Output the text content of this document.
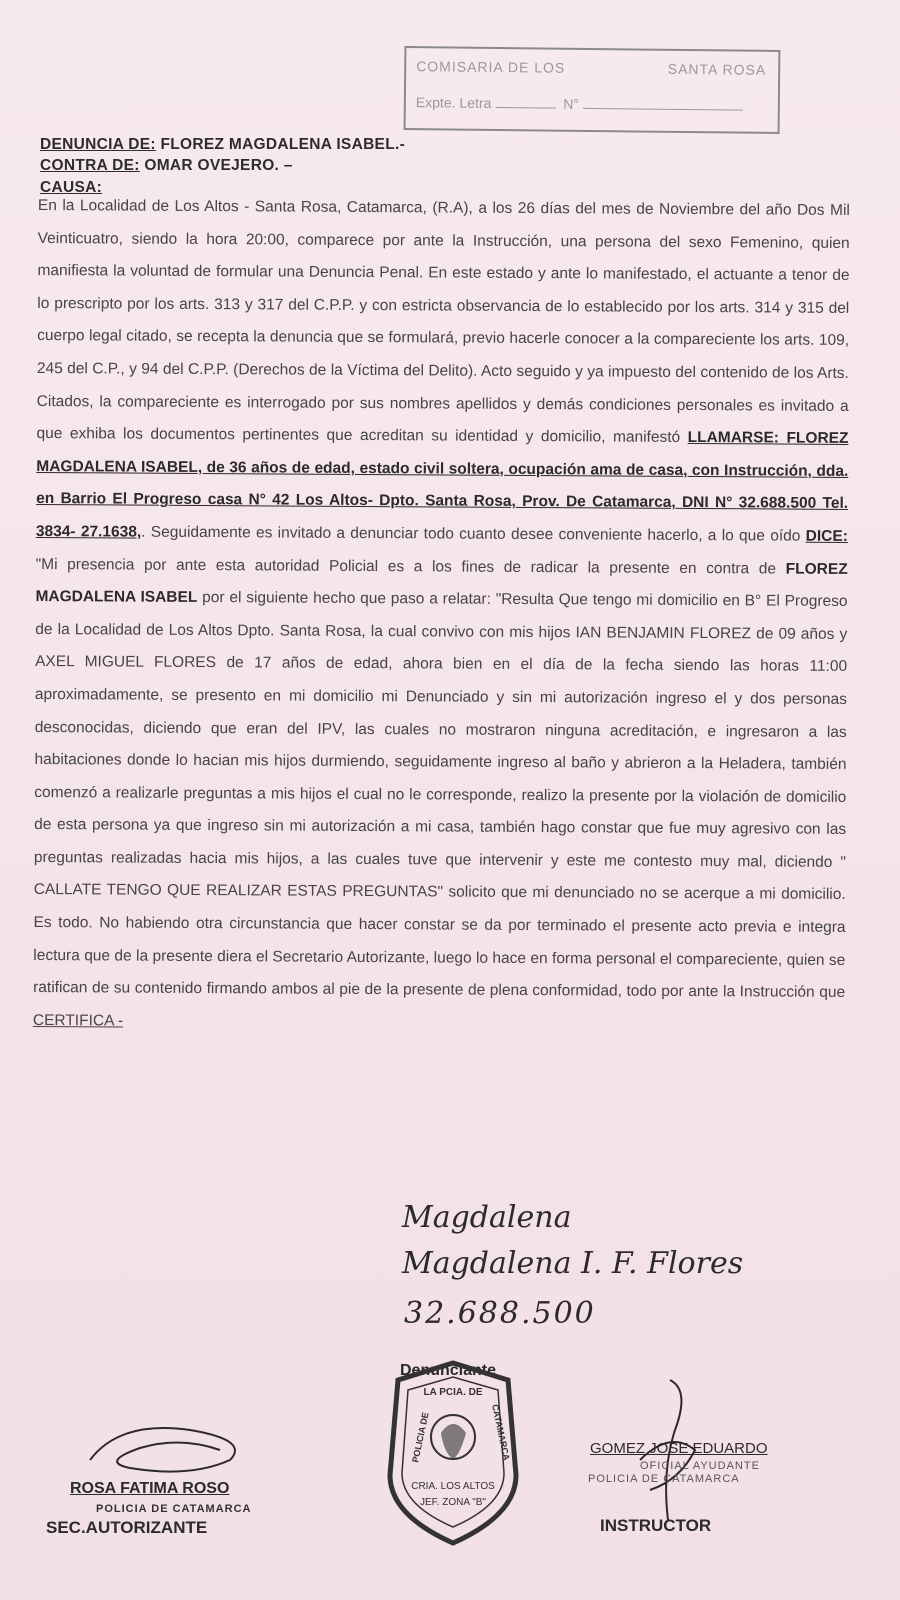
COMISARIA DE LOS	SANTA ROSA
Expte. Letra	N°
DENUNCIA DE: FLOREZ MAGDALENA ISABEL.-
CONTRA DE: OMAR OVEJERO. –
CAUSA:

En la Localidad de Los Altos - Santa Rosa, Catamarca, (R.A), a los 26 días del mes de Noviembre del año Dos Mil Veinticuatro, siendo la hora 20:00, comparece por ante la Instrucción, una persona del sexo Femenino, quien manifiesta la voluntad de formular una Denuncia Penal. En este estado y ante lo manifestado, el actuante a tenor de lo prescripto por los arts. 313 y 317 del C.P.P. y con estricta observancia de lo establecido por los arts. 314 y 315 del cuerpo legal citado, se recepta la denuncia que se formulará, previo hacerle conocer a la compareciente los arts. 109, 245 del C.P., y 94 del C.P.P. (Derechos de la Víctima del Delito). Acto seguido y ya impuesto del contenido de los Arts. Citados, la compareciente es interrogado por sus nombres apellidos y demás condiciones personales es invitado a que exhiba los documentos pertinentes que acreditan su identidad y domicilio, manifestó LLAMARSE: FLOREZ MAGDALENA ISABEL, de 36 años de edad, estado civil soltera, ocupación ama de casa, con Instrucción, dda. en Barrio El Progreso casa N° 42 Los Altos- Dpto. Santa Rosa, Prov. De Catamarca, DNI N° 32.688.500 Tel. 3834- 27.1638,. Seguidamente es invitado a denunciar todo cuanto desee conveniente hacerlo, a lo que oído DICE: "Mi presencia por ante esta autoridad Policial es a los fines de radicar la presente en contra de FLOREZ MAGDALENA ISABEL por el siguiente hecho que paso a relatar: "Resulta Que tengo mi domicilio en B° El Progreso de la Localidad de Los Altos Dpto. Santa Rosa, la cual convivo con mis hijos IAN BENJAMIN FLOREZ de 09 años y AXEL MIGUEL FLORES de 17 años de edad, ahora bien en el día de la fecha siendo las horas 11:00 aproximadamente, se presento en mi domicilio mi Denunciado y sin mi autorización ingreso el y dos personas desconocidas, diciendo que eran del IPV, las cuales no mostraron ninguna acreditación, e ingresaron a las habitaciones donde lo hacian mis hijos durmiendo, seguidamente ingreso al baño y abrieron a la Heladera, también comenzó a realizarle preguntas a mis hijos el cual no le corresponde, realizo la presente por la violación de domicilio de esta persona ya que ingreso sin mi autorización a mi casa, también hago constar que fue muy agresivo con las preguntas realizadas hacia mis hijos, a las cuales tuve que intervenir y este me contesto muy mal, diciendo " CALLATE TENGO QUE REALIZAR ESTAS PREGUNTAS" solicito que mi denunciado no se acerque a mi domicilio. Es todo. No habiendo otra circunstancia que hacer constar se da por terminado el presente acto previa e integra lectura que de la presente diera el Secretario Autorizante, luego lo hace en forma personal el compareciente, quien se ratifican de su contenido firmando ambos al pie de la presente de plena conformidad, todo por ante la Instrucción que CERTIFICA -

Magdalena
Magdalena I. F. Flores
32.688.500
Denunciante
LA PCIA. DE
POLICIA DE	CATAMARCA
CRIA. LOS ALTOS
JEF. ZONA "B"
ROSA FATIMA ROSO
POLICIA DE CATAMARCA
SEC.AUTORIZANTE
GOMEZ JOSE EDUARDO
OFICIAL AYUDANTE
POLICIA DE CATAMARCA
INSTRUCTOR
